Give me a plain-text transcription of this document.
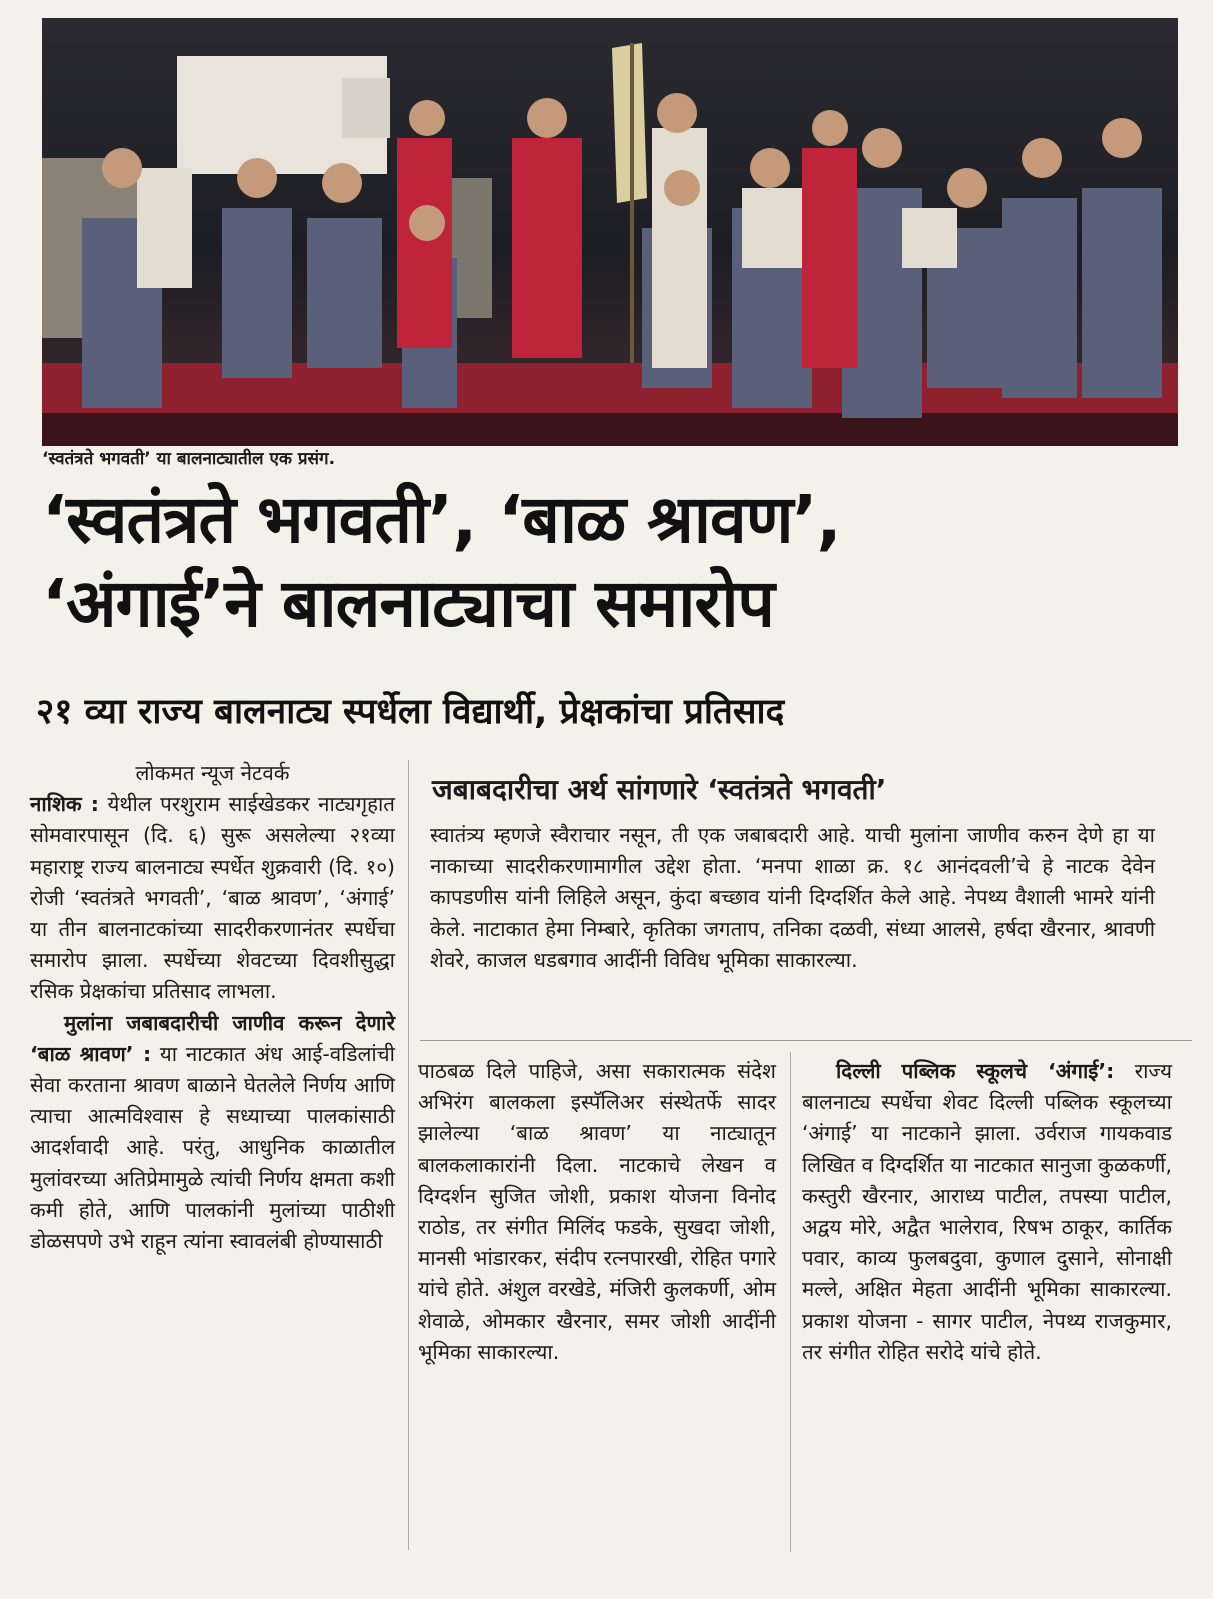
‘स्वतंत्रते भगवती’ या बालनाट्यातील एक प्रसंग.
‘स्वतंत्रते भगवती’, ‘बाळ श्रावण’,
‘अंगाई’ने बालनाट्याचा समारोप
२१ व्या राज्य बालनाट्य स्पर्धेला विद्यार्थी, प्रेक्षकांचा प्रतिसाद
लोकमत न्यूज नेटवर्क

नाशिक : येथील परशुराम साईखेडकर नाट्यगृहात सोमवारपासून (दि. ६) सुरू असलेल्या २१व्या महाराष्ट्र राज्य बालनाट्य स्पर्धेत शुक्रवारी (दि. १०) रोजी ‘स्वतंत्रते भगवती’, ‘बाळ श्रावण’, ‘अंगाई’ या तीन बालनाटकांच्या सादरीकरणानंतर स्पर्धेचा समारोप झाला. स्पर्धेच्या शेवटच्या दिवशीसुद्धा रसिक प्रेक्षकांचा प्रतिसाद लाभला.

मुलांना जबाबदारीची जाणीव करून देणारे ‘बाळ श्रावण’ : या नाटकात अंध आई-वडिलांची सेवा करताना श्रावण बाळाने घेतलेले निर्णय आणि त्याचा आत्मविश्वास हे सध्याच्या पालकांसाठी आदर्शवादी आहे. परंतु, आधुनिक काळातील मुलांवरच्या अतिप्रेमामुळे त्यांची निर्णय क्षमता कशी कमी होते, आणि पालकांनी मुलांच्या पाठीशी डोळसपणे उभे राहून त्यांना स्वावलंबी होण्यासाठी

जबाबदारीचा अर्थ सांगणारे ‘स्वतंत्रते भगवती’
स्वातंत्र्य म्हणजे स्वैराचार नसून, ती एक जबाबदारी आहे. याची मुलांना जाणीव करुन देणे हा या नाकाच्या सादरीकरणामागील उद्देश होता. ‘मनपा शाळा क्र. १८ आनंदवली’चे हे नाटक देवेन कापडणीस यांनी लिहिले असून, कुंदा बच्छाव यांनी दिग्दर्शित केले आहे. नेपथ्य वैशाली भामरे यांनी केले. नाटाकात हेमा निम्बारे, कृतिका जगताप, तनिका दळवी, संध्या आलसे, हर्षदा खैरनार, श्रावणी शेवरे, काजल धडबगाव आदींनी विविध भूमिका साकारल्या.
पाठबळ दिले पाहिजे, असा सकारात्मक संदेश अभिरंग बालकला इस्पॅलिअर संस्थेतर्फे सादर झालेल्या ‘बाळ श्रावण’ या नाट्यातून बालकलाकारांनी दिला. नाटकाचे लेखन व दिग्दर्शन सुजित जोशी, प्रकाश योजना विनोद राठोड, तर संगीत मिलिंद फडके, सुखदा जोशी, मानसी भांडारकर, संदीप रत्नपारखी, रोहित पगारे यांचे होते. अंशुल वरखेडे, मंजिरी कुलकर्णी, ओम शेवाळे, ओमकार खैरनार, समर जोशी आदींनी भूमिका साकारल्या.

दिल्ली पब्लिक स्कूलचे ‘अंगाई’: राज्य बालनाट्य स्पर्धेचा शेवट दिल्ली पब्लिक स्कूलच्या ‘अंगाई’ या नाटकाने झाला. उर्वराज गायकवाड लिखित व दिग्दर्शित या नाटकात सानुजा कुळकर्णी, कस्तुरी खैरनार, आराध्य पाटील, तपस्या पाटील, अद्वय मोरे, अद्वैत भालेराव, रिषभ ठाकूर, कार्तिक पवार, काव्य फुलबदुवा, कुणाल दुसाने, सोनाक्षी मल्ले, अक्षित मेहता आदींनी भूमिका साकारल्या. प्रकाश योजना - सागर पाटील, नेपथ्य राजकुमार, तर संगीत रोहित सरोदे यांचे होते.
